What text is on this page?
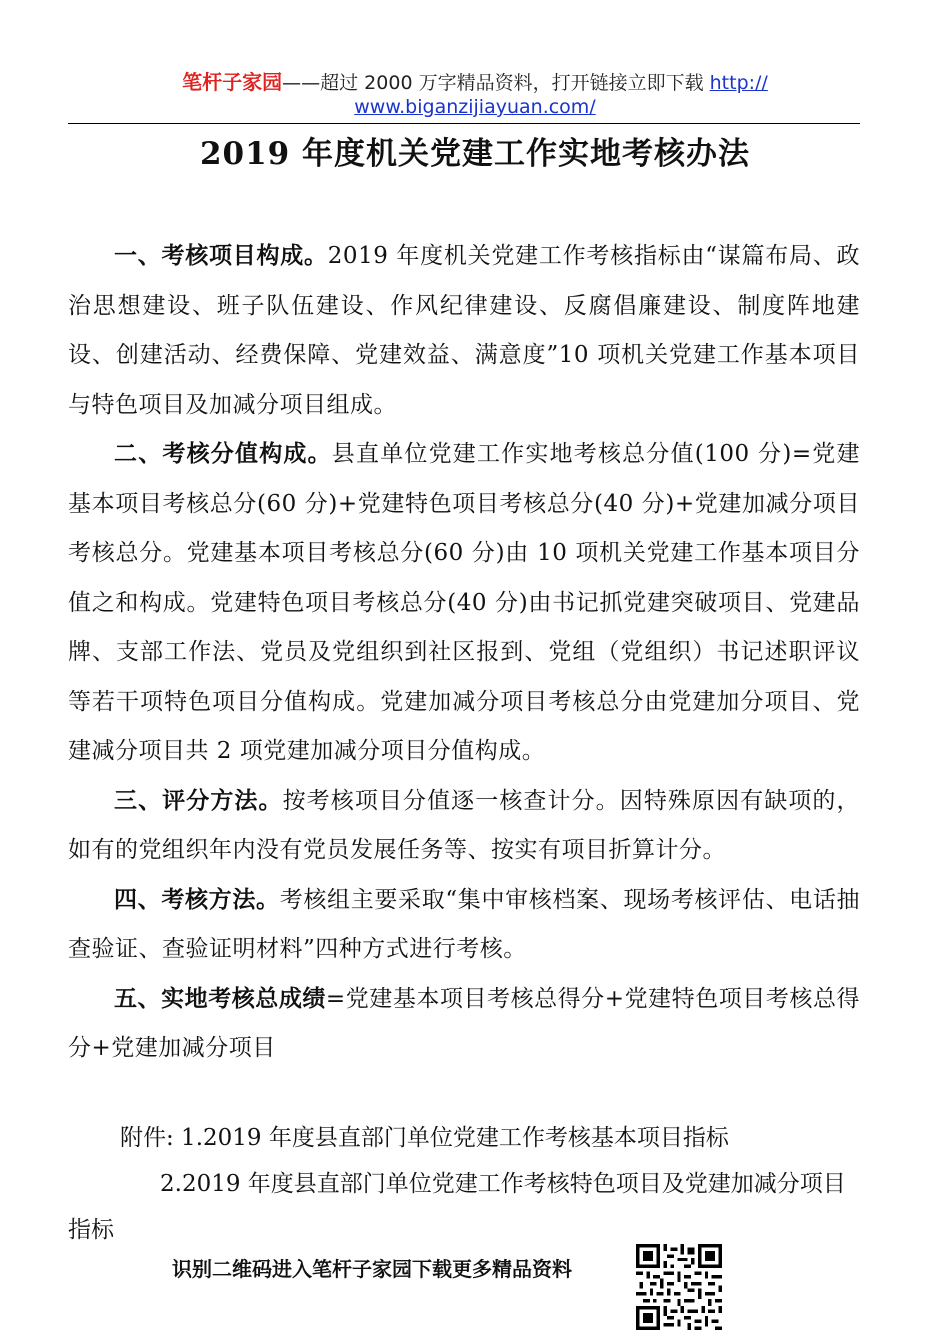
笔杆子家园——超过 2000 万字精品资料，打开链接立即下载 http://
www.biganzijiayuan.com/
2019 年度机关党建工作实地考核办法

一、考核项目构成。2019 年度机关党建工作考核指标由“谋篇布局、政治思想建设、班子队伍建设、作风纪律建设、反腐倡廉建设、制度阵地建设、创建活动、经费保障、党建效益、满意度”10 项机关党建工作基本项目与特色项目及加减分项目组成。

二、考核分值构成。县直单位党建工作实地考核总分值(100 分)=党建基本项目考核总分(60 分)+党建特色项目考核总分(40 分)+党建加减分项目考核总分。党建基本项目考核总分(60 分)由 10 项机关党建工作基本项目分值之和构成。党建特色项目考核总分(40 分)由书记抓党建突破项目、党建品牌、支部工作法、党员及党组织到社区报到、党组（党组织）书记述职评议等若干项特色项目分值构成。党建加减分项目考核总分由党建加分项目、党建减分项目共 2 项党建加减分项目分值构成。

三、评分方法。按考核项目分值逐一核查计分。因特殊原因有缺项的，如有的党组织年内没有党员发展任务等、按实有项目折算计分。

四、考核方法。考核组主要采取“集中审核档案、现场考核评估、电话抽查验证、查验证明材料”四种方式进行考核。

五、实地考核总成绩=党建基本项目考核总得分+党建特色项目考核总得分+党建加减分项目

附件: 1.2019 年度县直部门单位党建工作考核基本项目指标

2.2019 年度县直部门单位党建工作考核特色项目及党建加减分项目指标

识别二维码进入笔杆子家园下载更多精品资料
